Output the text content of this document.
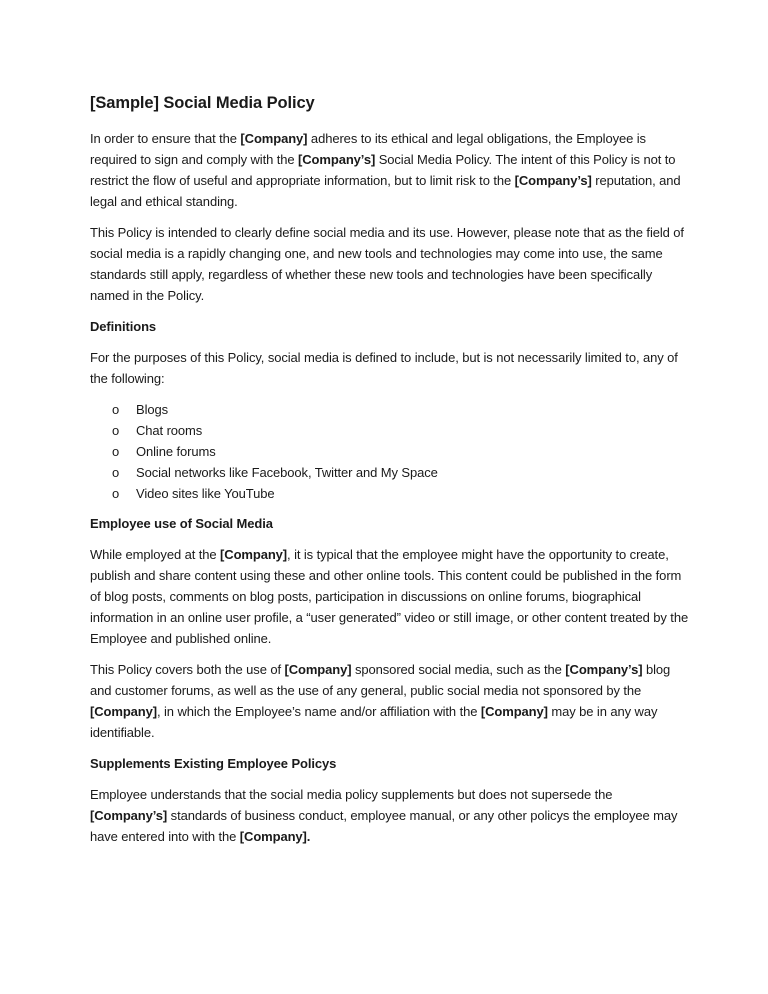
[Sample] Social Media Policy

In order to ensure that the [Company] adheres to its ethical and legal obligations, the Employee is required to sign and comply with the [Company’s] Social Media Policy. The intent of this Policy is not to restrict the flow of useful and appropriate information, but to limit risk to the [Company’s] reputation, and legal and ethical standing.

This Policy is intended to clearly define social media and its use. However, please note that as the field of social media is a rapidly changing one, and new tools and technologies may come into use, the same standards still apply, regardless of whether these new tools and technologies have been specifically named in the Policy.

Definitions

For the purposes of this Policy, social media is defined to include, but is not necessarily limited to, any of the following:

o Blogs
o Chat rooms
o Online forums
o Social networks like Facebook, Twitter and My Space
o Video sites like YouTube
Employee use of Social Media

While employed at the [Company], it is typical that the employee might have the opportunity to create, publish and share content using these and other online tools. This content could be published in the form of blog posts, comments on blog posts, participation in discussions on online forums, biographical information in an online user profile, a “user generated” video or still image, or other content treated by the Employee and published online.

This Policy covers both the use of [Company] sponsored social media, such as the [Company’s] blog and customer forums, as well as the use of any general, public social media not sponsored by the [Company], in which the Employee’s name and/or affiliation with the [Company] may be in any way identifiable.

Supplements Existing Employee Policys

Employee understands that the social media policy supplements but does not supersede the [Company’s] standards of business conduct, employee manual, or any other policys the employee may have entered into with the [Company].
